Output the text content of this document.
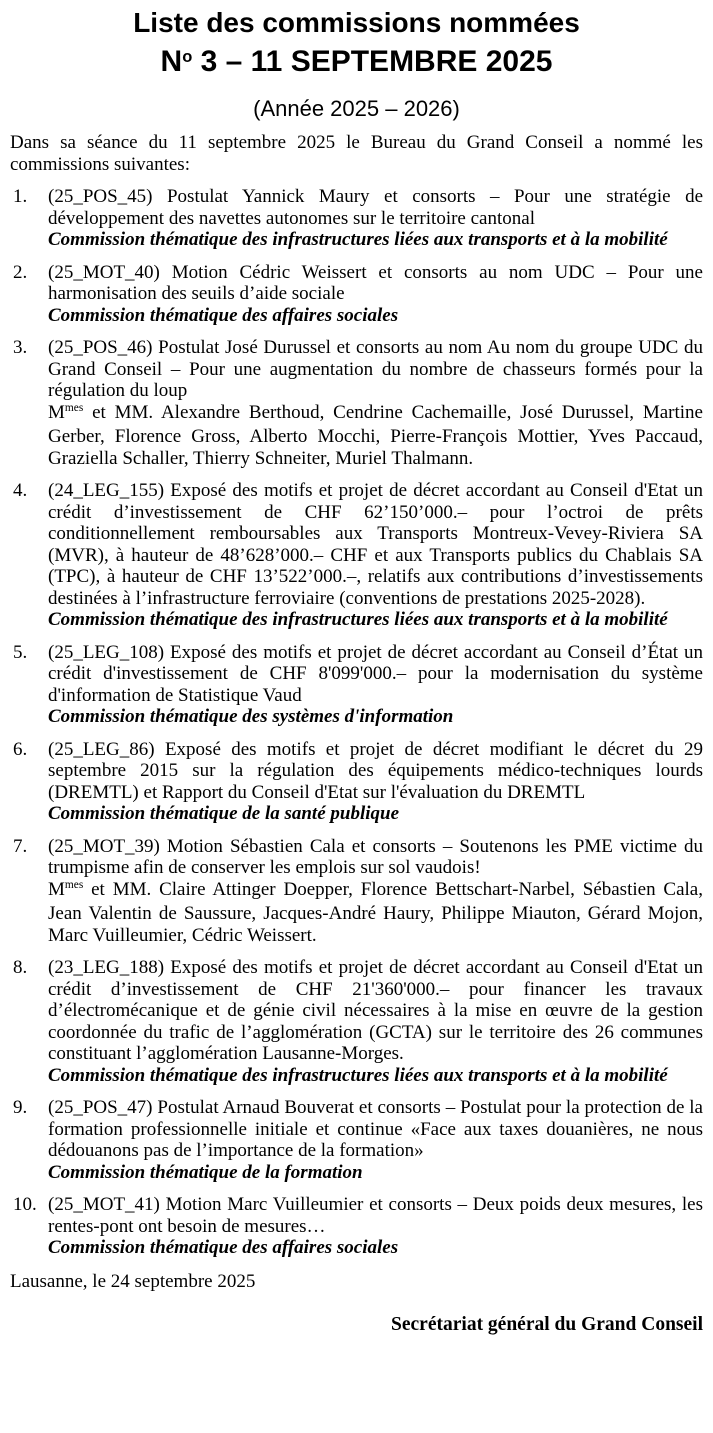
Liste des commissions nommées
$N^o$ 3 – 11 SEPTEMBRE 2025
(Année 2025 – 2026)

Dans sa séance du 11 septembre 2025 le Bureau du Grand Conseil a nommé les commissions suivantes:

1. (25_POS_45) Postulat Yannick Maury et consorts – Pour une stratégie de développement des navettes autonomes sur le territoire cantonal

Commission thématique des infrastructures liées aux transports et à la mobilité

2. (25_MOT_40) Motion Cédric Weissert et consorts au nom UDC – Pour une harmonisation des seuils d’aide sociale

Commission thématique des affaires sociales

3. (25_POS_46) Postulat José Durussel et consorts au nom Au nom du groupe UDC du Grand Conseil – Pour une augmentation du nombre de chasseurs formés pour la régulation du loup

$M^{mes}$ et MM. Alexandre Berthoud, Cendrine Cachemaille, José Durussel, Martine Gerber, Florence Gross, Alberto Mocchi, Pierre-François Mottier, Yves Paccaud, Graziella Schaller, Thierry Schneiter, Muriel Thalmann.

4. (24_LEG_155) Exposé des motifs et projet de décret accordant au Conseil d'Etat un crédit d’investissement de CHF 62’150’000.– pour l’octroi de prêts conditionnellement remboursables aux Transports Montreux-Vevey-Riviera SA (MVR), à hauteur de 48’628’000.– CHF et aux Transports publics du Chablais SA (TPC), à hauteur de CHF 13’522’000.–, relatifs aux contributions d’investissements destinées à l’infrastructure ferroviaire (conventions de prestations 2025-2028).

Commission thématique des infrastructures liées aux transports et à la mobilité

5. (25_LEG_108) Exposé des motifs et projet de décret accordant au Conseil d’État un crédit d'investissement de CHF 8'099'000.– pour la modernisation du système d'information de Statistique Vaud

Commission thématique des systèmes d'information

6. (25_LEG_86) Exposé des motifs et projet de décret modifiant le décret du 29 septembre 2015 sur la régulation des équipements médico-techniques lourds (DREMTL) et Rapport du Conseil d'Etat sur l'évaluation du DREMTL

Commission thématique de la santé publique

7. (25_MOT_39) Motion Sébastien Cala et consorts – Soutenons les PME victime du trumpisme afin de conserver les emplois sur sol vaudois!

$M^{mes}$ et MM. Claire Attinger Doepper, Florence Bettschart-Narbel, Sébastien Cala, Jean Valentin de Saussure, Jacques-André Haury, Philippe Miauton, Gérard Mojon, Marc Vuilleumier, Cédric Weissert.

8. (23_LEG_188) Exposé des motifs et projet de décret accordant au Conseil d'Etat un crédit d’investissement de CHF 21'360'000.– pour financer les travaux d’électromécanique et de génie civil nécessaires à la mise en œuvre de la gestion coordonnée du trafic de l’agglomération (GCTA) sur le territoire des 26 communes constituant l’agglomération Lausanne-Morges.

Commission thématique des infrastructures liées aux transports et à la mobilité

9. (25_POS_47) Postulat Arnaud Bouverat et consorts – Postulat pour la protection de la formation professionnelle initiale et continue «Face aux taxes douanières, ne nous dédouanons pas de l’importance de la formation»

Commission thématique de la formation

10. (25_MOT_41) Motion Marc Vuilleumier et consorts – Deux poids deux mesures, les rentes-pont ont besoin de mesures…

Commission thématique des affaires sociales

Lausanne, le 24 septembre 2025

Secrétariat général du Grand Conseil
